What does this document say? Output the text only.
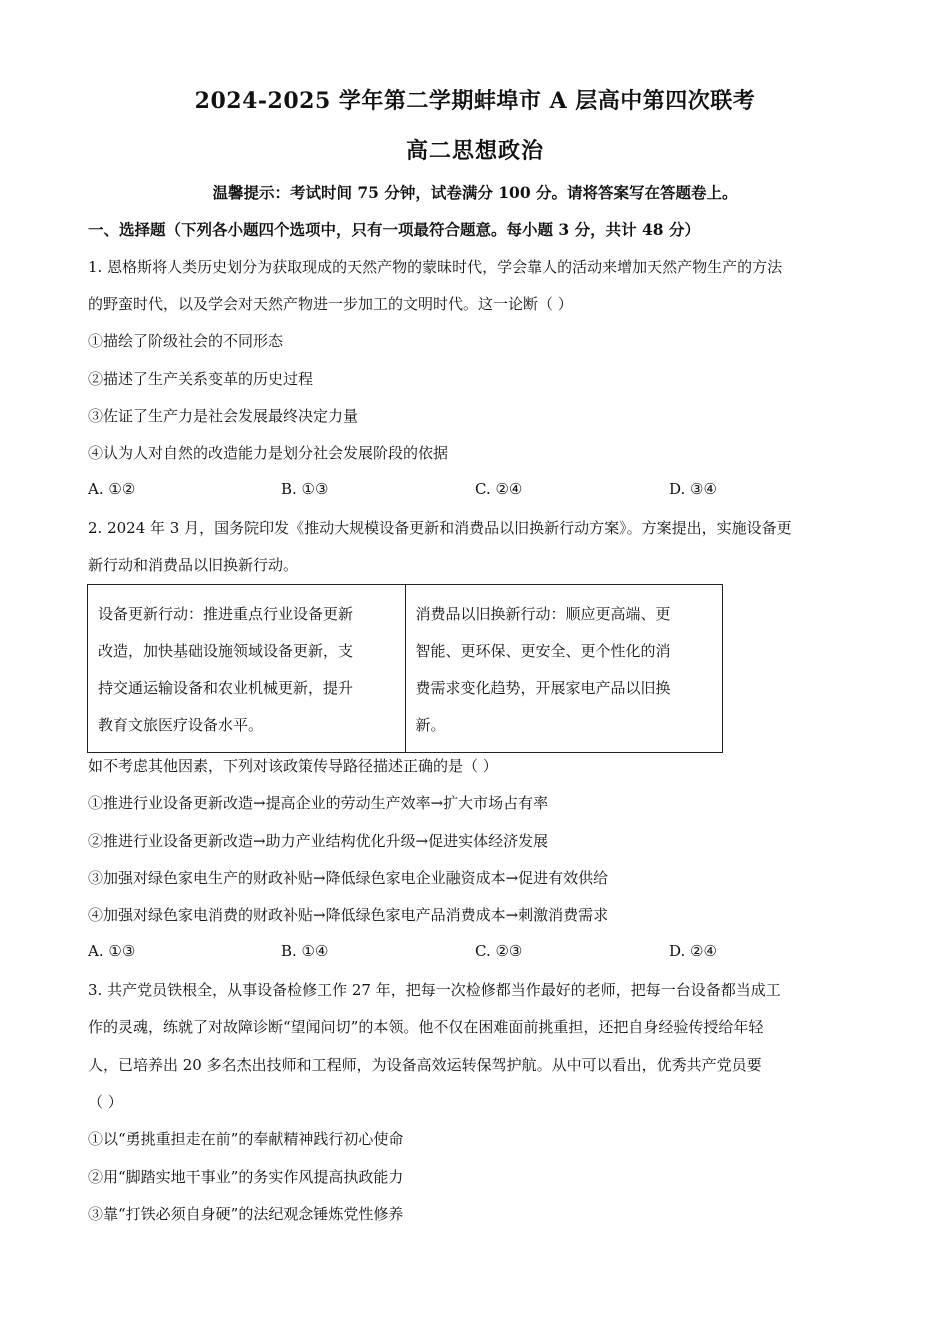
2024-2025 学年第二学期蚌埠市 A 层高中第四次联考
高二思想政治
温馨提示：考试时间 75 分钟，试卷满分 100 分。请将答案写在答题卷上。
一、选择题（下列各小题四个选项中，只有一项最符合题意。每小题 3 分，共计 48 分）
1. 恩格斯将人类历史划分为获取现成的天然产物的蒙昧时代，学会靠人的活动来增加天然产物生产的方法
的野蛮时代，以及学会对天然产物进一步加工的文明时代。这一论断（ ）
①描绘了阶级社会的不同形态
②描述了生产关系变革的历史过程
③佐证了生产力是社会发展最终决定力量
④认为人对自然的改造能力是划分社会发展阶段的依据
A. ①②	B. ①③	C. ②④	D. ③④
2. 2024 年 3 月，国务院印发《推动大规模设备更新和消费品以旧换新行动方案》。方案提出，实施设备更
新行动和消费品以旧换新行动。
设备更新行动：推进重点行业设备更新
改造，加快基础设施领域设备更新，支
持交通运输设备和农业机械更新，提升
教育文旅医疗设备水平。

消费品以旧换新行动：顺应更高端、更
智能、更环保、更安全、更个性化的消
费需求变化趋势，开展家电产品以旧换
新。
如不考虑其他因素，下列对该政策传导路径描述正确的是（ ）
①推进行业设备更新改造→提高企业的劳动生产效率→扩大市场占有率
②推进行业设备更新改造→助力产业结构优化升级→促进实体经济发展
③加强对绿色家电生产的财政补贴→降低绿色家电企业融资成本→促进有效供给
④加强对绿色家电消费的财政补贴→降低绿色家电产品消费成本→刺激消费需求
A. ①③	B. ①④	C. ②③	D. ②④
3. 共产党员铁根全，从事设备检修工作 27 年，把每一次检修都当作最好的老师，把每一台设备都当成工
作的灵魂，练就了对故障诊断“望闻问切”的本领。他不仅在困难面前挑重担，还把自身经验传授给年轻
人，已培养出 20 多名杰出技师和工程师，为设备高效运转保驾护航。从中可以看出，优秀共产党员要
（ ）
①以“勇挑重担走在前”的奉献精神践行初心使命
②用“脚踏实地干事业”的务实作风提高执政能力
③靠“打铁必须自身硬”的法纪观念锤炼党性修养
